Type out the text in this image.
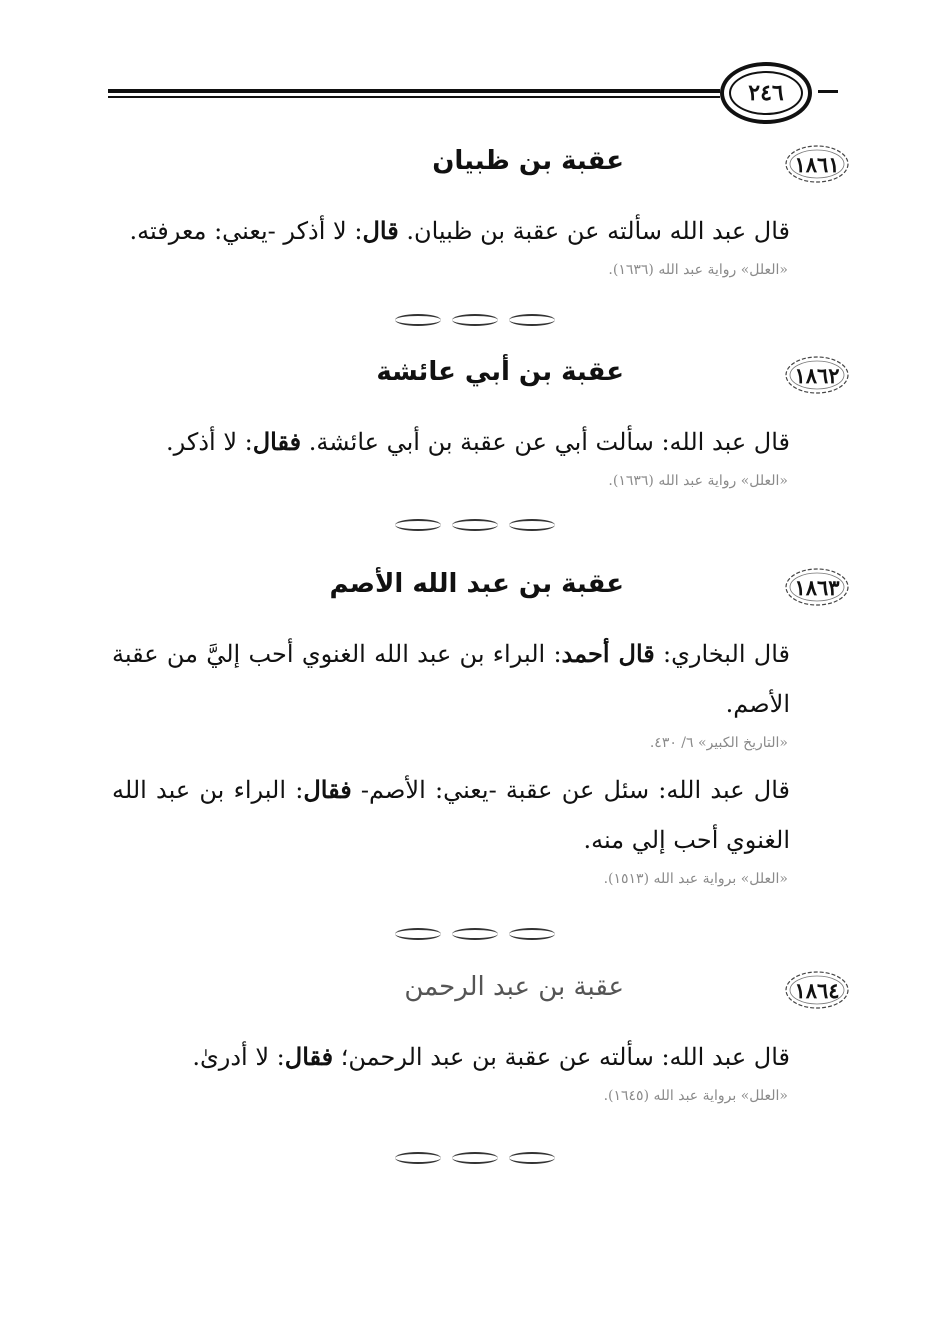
٢٤٦
١٨٦١
عقبة بن ظبيان

قال عبد الله سألته عن عقبة بن ظبيان. قال: لا أذكر -يعني: معرفته.

«العلل» رواية عبد الله (١٦٣٦).
١٨٦٢
عقبة بن أبي عائشة

قال عبد الله: سألت أبي عن عقبة بن أبي عائشة. فقال: لا أذكر.

«العلل» رواية عبد الله (١٦٣٦).
١٨٦٣
عقبة بن عبد الله الأصم

قال البخاري: قال أحمد: البراء بن عبد الله الغنوي أحب إليَّ من عقبة الأصم.

«التاريخ الكبير» ٦/ ٤٣٠.

قال عبد الله: سئل عن عقبة -يعني: الأصم- فقال: البراء بن عبد الله الغنوي أحب إلي منه.

«العلل» برواية عبد الله (١٥١٣).
١٨٦٤
عقبة بن عبد الرحمن

قال عبد الله: سألته عن عقبة بن عبد الرحمن؛ فقال: لا أدرىٰ.

«العلل» برواية عبد الله (١٦٤٥).
